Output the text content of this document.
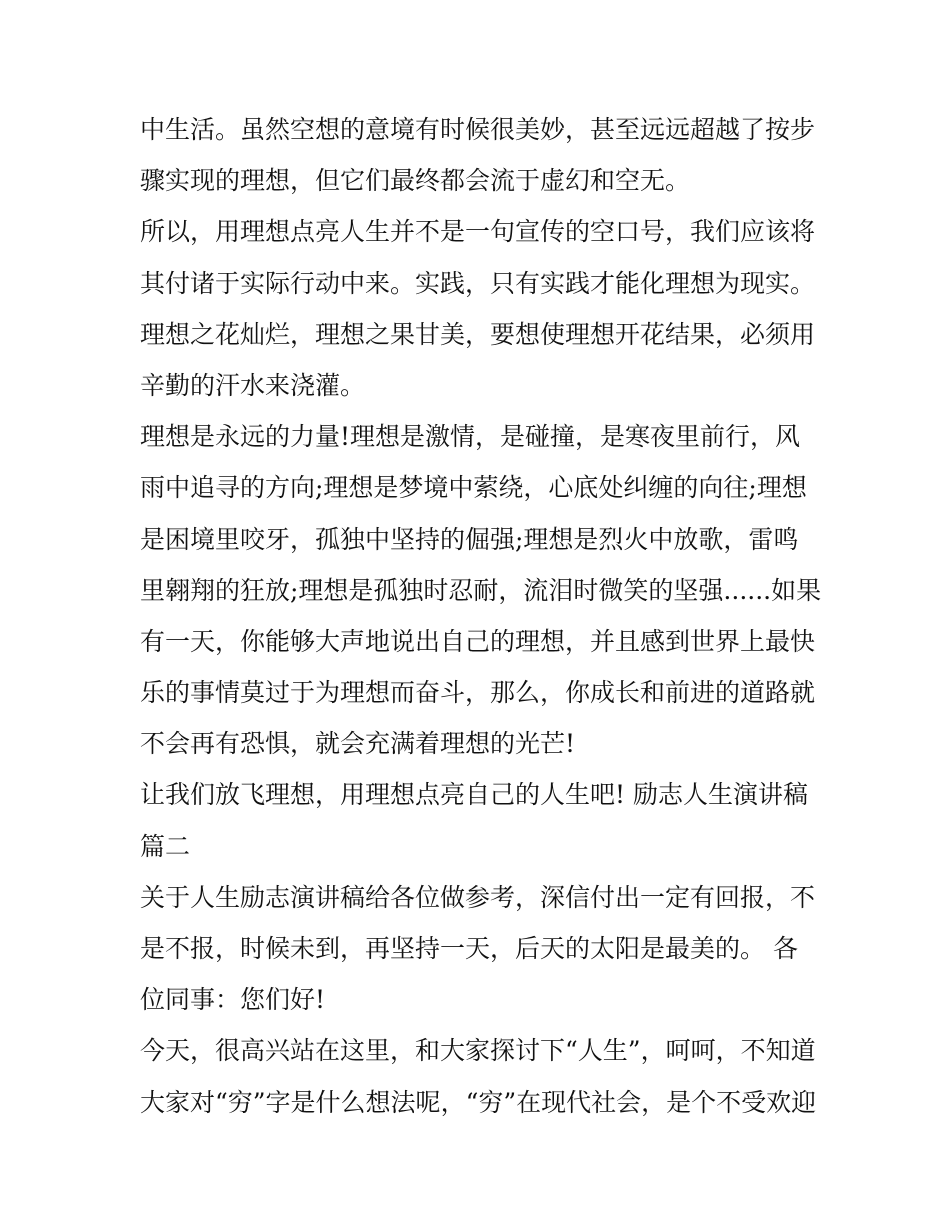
中生活。虽然空想的意境有时候很美妙，甚至远远超越了按步
骤实现的理想，但它们最终都会流于虚幻和空无。
所以，用理想点亮人生并不是一句宣传的空口号，我们应该将
其付诸于实际行动中来。实践，只有实践才能化理想为现实。
理想之花灿烂，理想之果甘美，要想使理想开花结果，必须用
辛勤的汗水来浇灌。
理想是永远的力量!理想是激情，是碰撞，是寒夜里前行，风
雨中追寻的方向;理想是梦境中萦绕，心底处纠缠的向往;理想
是困境里咬牙，孤独中坚持的倔强;理想是烈火中放歌，雷鸣
里翱翔的狂放;理想是孤独时忍耐，流泪时微笑的坚强......如果
有一天，你能够大声地说出自己的理想，并且感到世界上最快
乐的事情莫过于为理想而奋斗，那么，你成长和前进的道路就
不会再有恐惧，就会充满着理想的光芒!
让我们放飞理想，用理想点亮自己的人生吧! 励志人生演讲稿
篇二
关于人生励志演讲稿给各位做参考，深信付出一定有回报，不
是不报，时候未到，再坚持一天，后天的太阳是最美的。 各
位同事：您们好!
今天，很高兴站在这里，和大家探讨下“人生”，呵呵，不知道
大家对“穷”字是什么想法呢，“穷”在现代社会，是个不受欢迎
